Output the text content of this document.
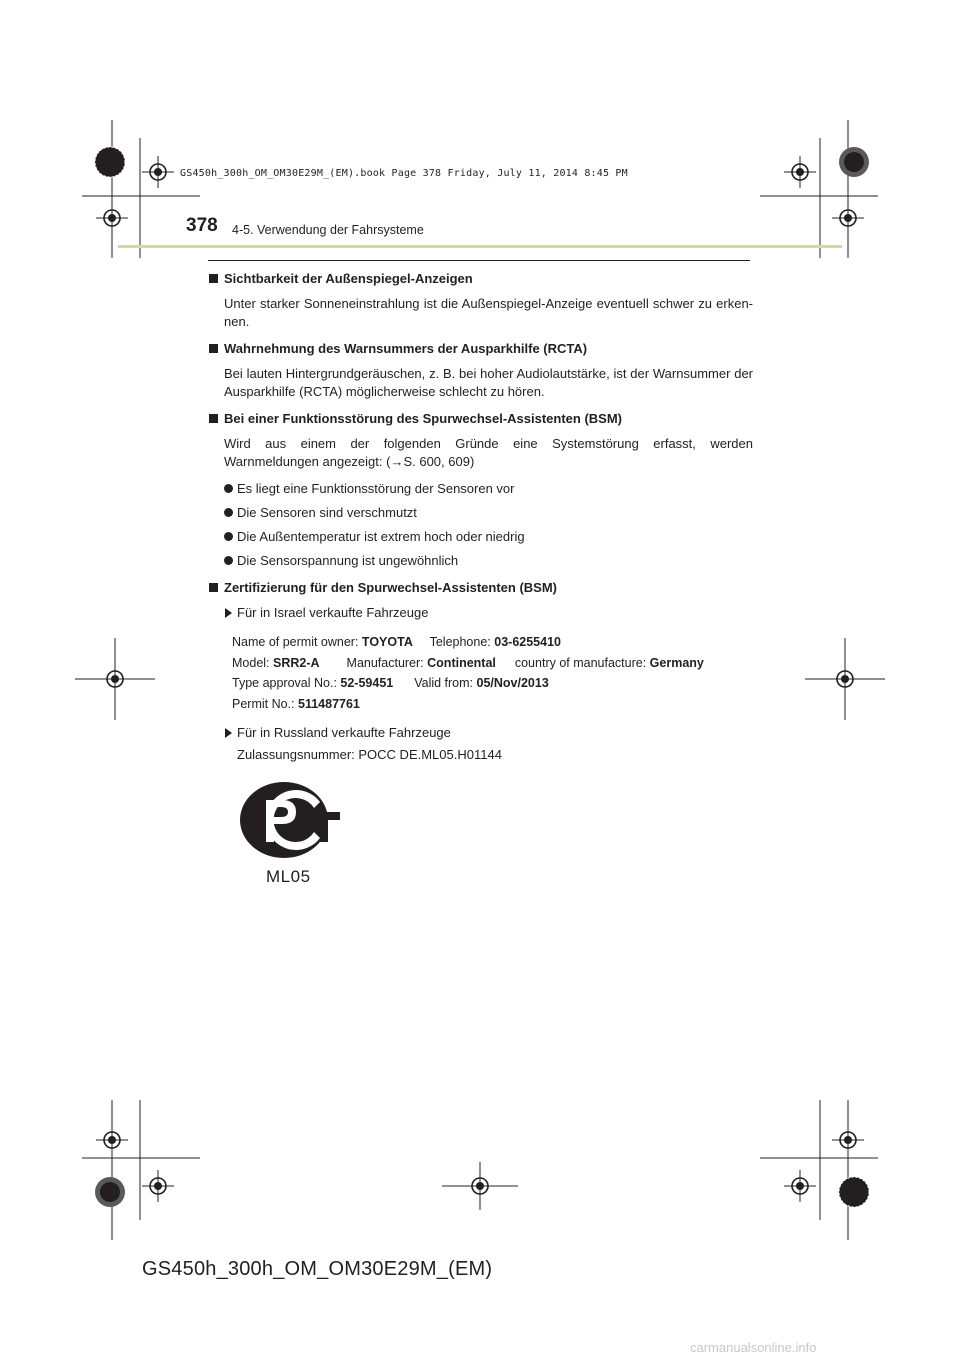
GS450h_300h_OM_OM30E29M_(EM).book Page 378 Friday, July 11, 2014 8:45 PM
378 4-5. Verwendung der Fahrsysteme
Sichtbarkeit der Außenspiegel-Anzeigen
Unter starker Sonneneinstrahlung ist die Außenspiegel-Anzeige eventuell schwer zu erken-nen.
Wahrnehmung des Warnsummers der Ausparkhilfe (RCTA)
Bei lauten Hintergrundgeräuschen, z. B. bei hoher Audiolautstärke, ist der Warnsummer der Ausparkhilfe (RCTA) möglicherweise schlecht zu hören.
Bei einer Funktionsstörung des Spurwechsel-Assistenten (BSM)
Wird aus einem der folgenden Gründe eine Systemstörung erfasst, werden Warnmeldungen angezeigt: (→S. 600, 609)
Es liegt eine Funktionsstörung der Sensoren vor
Die Sensoren sind verschmutzt
Die Außentemperatur ist extrem hoch oder niedrig
Die Sensorspannung ist ungewöhnlich
Zertifizierung für den Spurwechsel-Assistenten (BSM)
Für in Israel verkaufte Fahrzeuge
Name of permit owner: TOYOTA Telephone: 03-6255410
Model: SRR2-A Manufacturer: Continental country of manufacture: Germany
Type approval No.: 52-59451 Valid from: 05/Nov/2013
Permit No.: 511487761
Für in Russland verkaufte Fahrzeuge
Zulassungsnummer: POCC DE.ML05.H01144
ML05
GS450h_300h_OM_OM30E29M_(EM)
carmanualsonline.info
